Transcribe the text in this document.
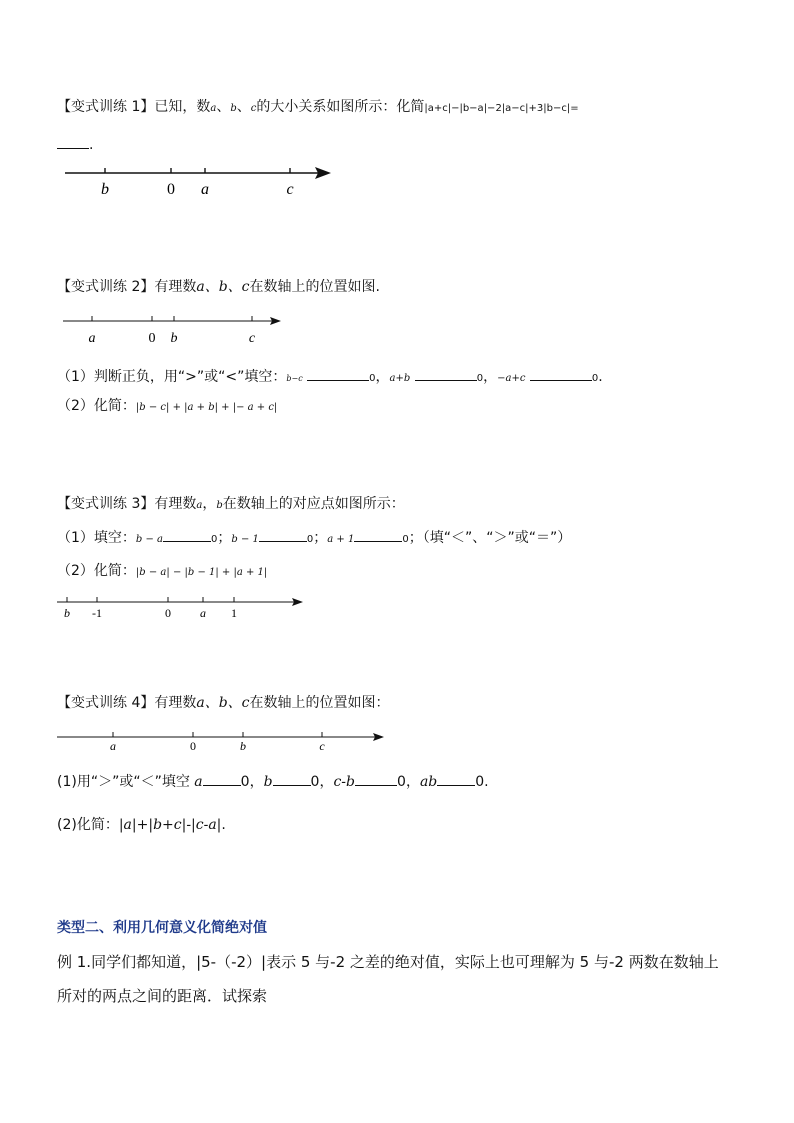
【变式训练 1】已知，数a、b、c的大小关系如图所示：化简|a+c|−|b−a|−2|a−c|+3|b−c|=
.
b	0 a	c
【变式训练 2】有理数a、b、c在数轴上的位置如图.
a	0 b	c
（1）判断正负，用“>”或“<”填空：b−c	0，a+b	0，−a+c	0.
（2）化简：|b − c| + |a + b| + |− a + c|
【变式训练 3】有理数a，b在数轴上的对应点如图所示：
（1）填空：b − a	0；b − 1	0；a + 1	0；（填“＜”、“＞”或“＝”）
（2）化简：|b − a| − |b − 1| + |a + 1|
b -1	0 a 1
【变式训练 4】有理数a、b、c在数轴上的位置如图：
a	0	b	c
(1)用“＞”或“＜”填空 a	0，b	0，c-b	0，ab	0.
(2)化简：|a|+|b+c|-|c-a|.
类型二、利用几何意义化简绝对值
例 1.同学们都知道，|5-（-2）|表示 5 与-2 之差的绝对值，实际上也可理解为 5 与-2 两数在数轴上
所对的两点之间的距离．试探索
